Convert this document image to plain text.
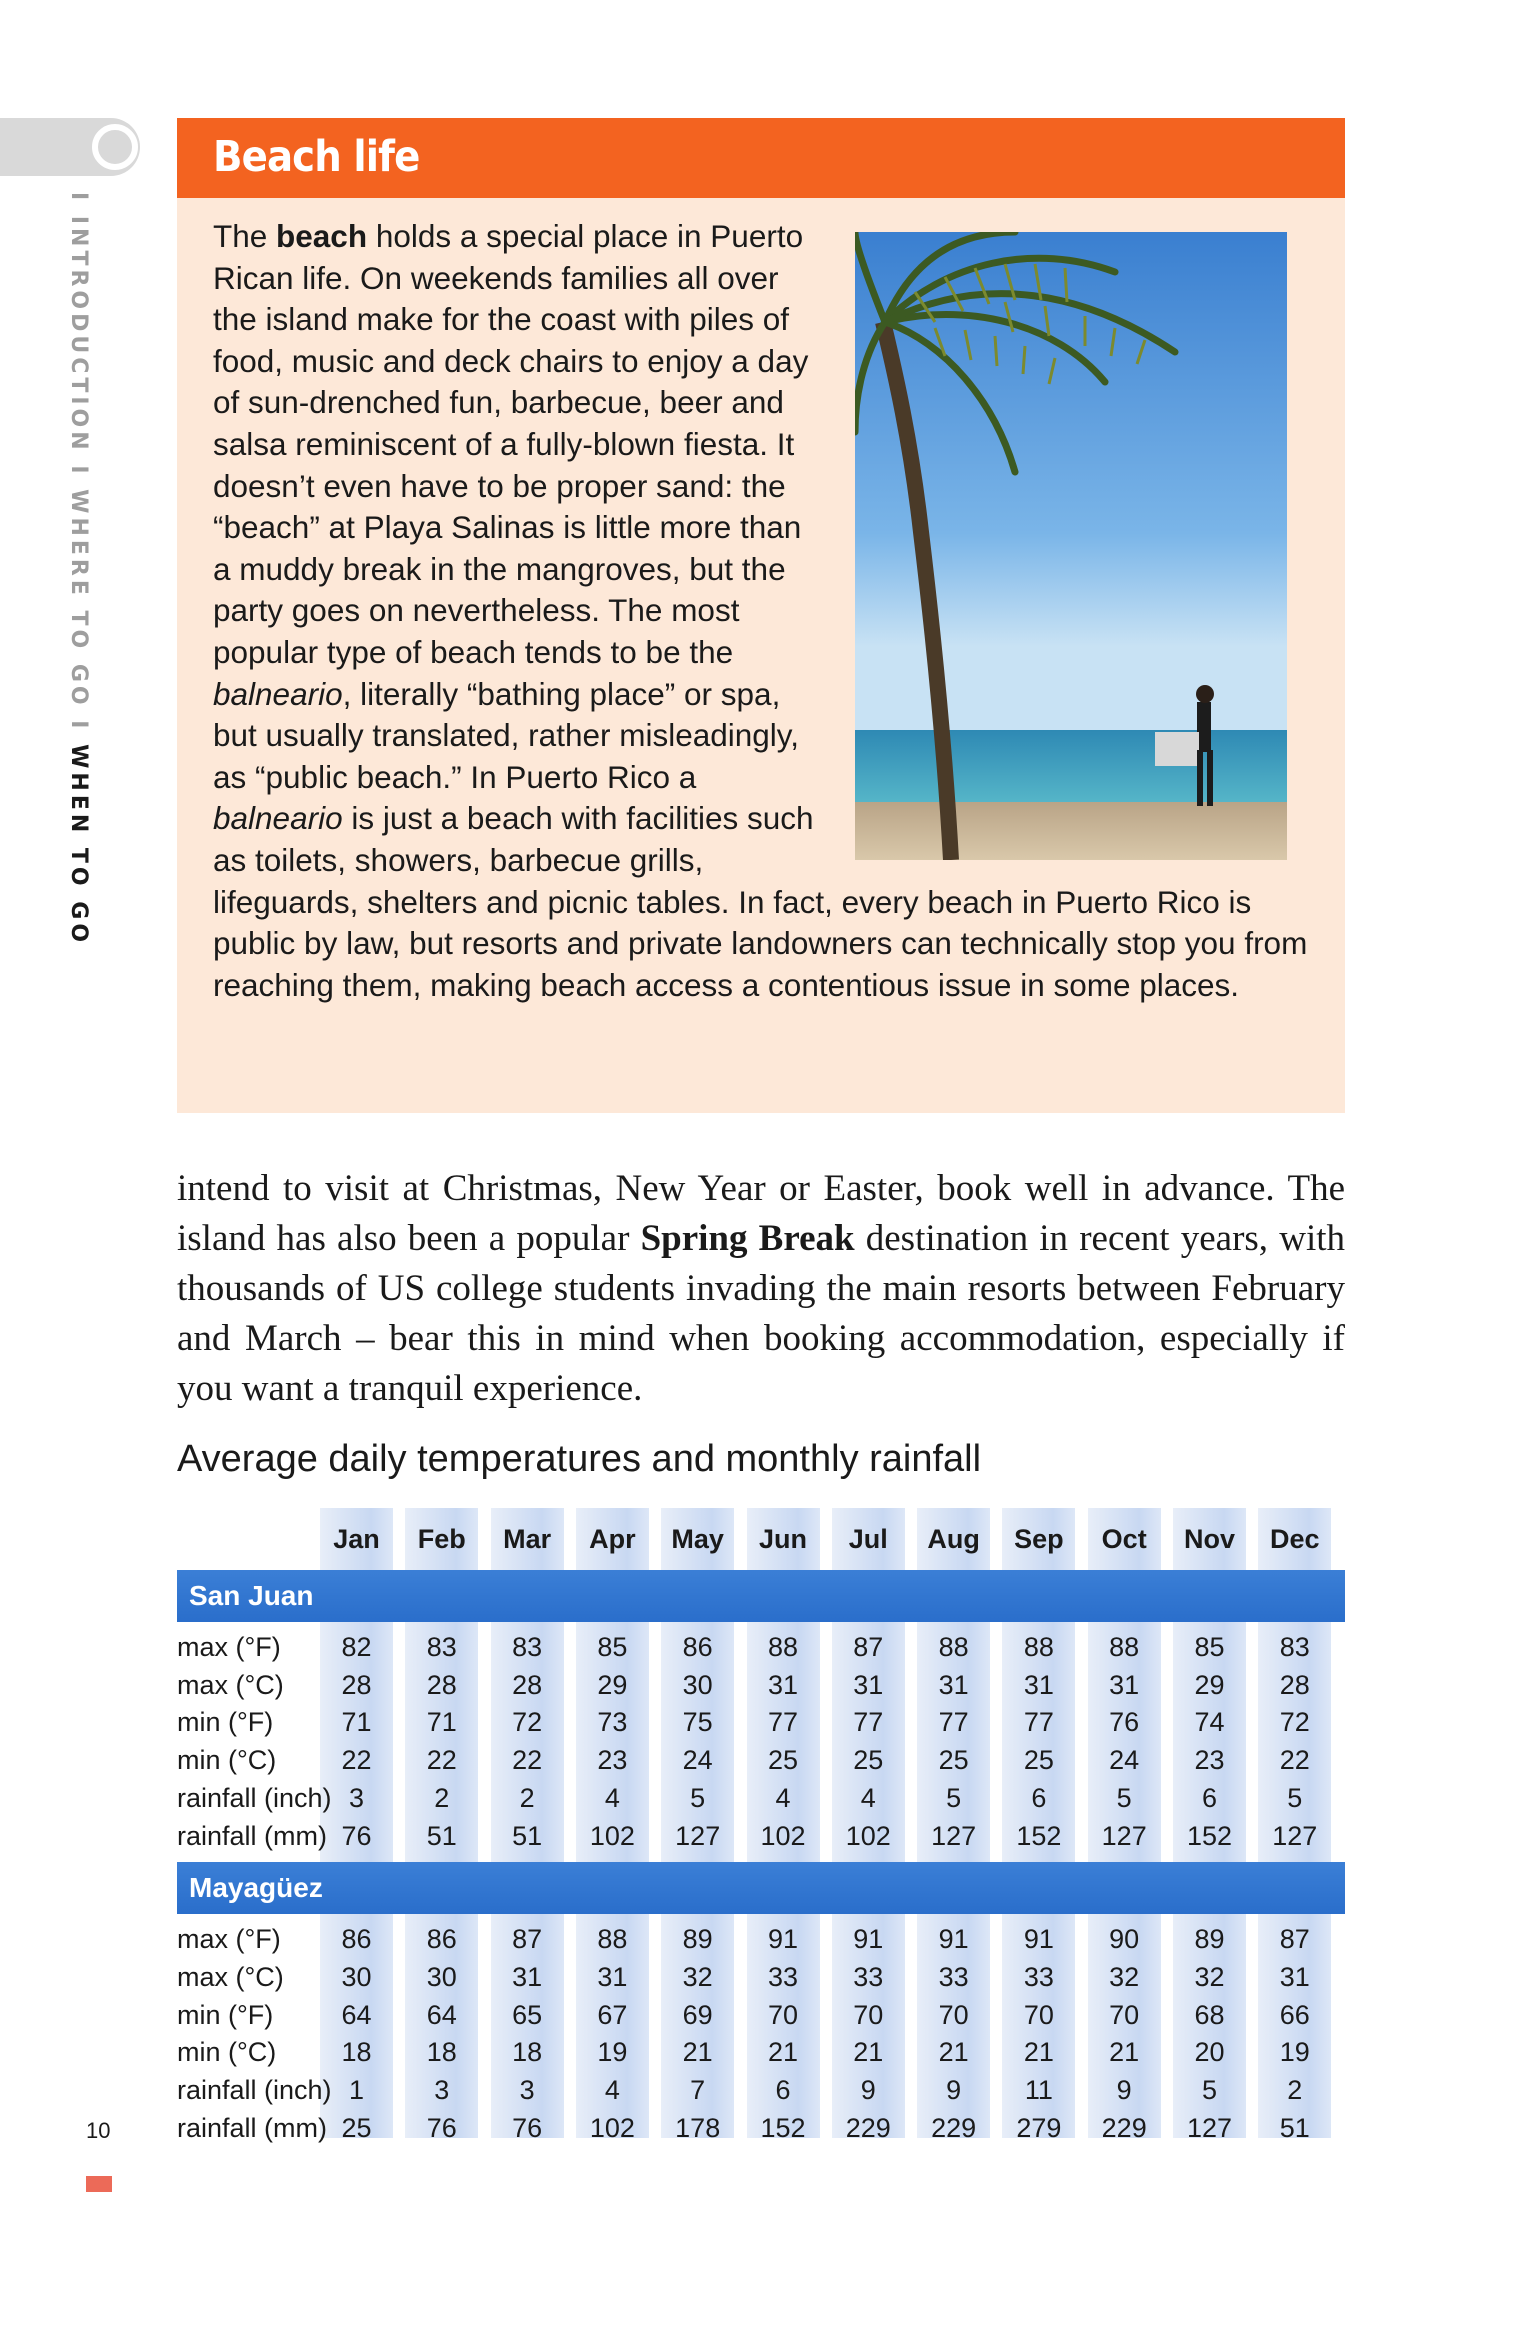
I INTRODUCTION I WHERE TO GO I WHEN TO GO
10
Beach life
The beach holds a special place in Puerto Rican life. On weekends families all over the island make for the coast with piles of food, music and deck chairs to enjoy a day of sun-drenched fun, barbecue, beer and salsa reminiscent of a fully-blown fiesta. It doesn’t even have to be proper sand: the “beach” at Playa Salinas is little more than a muddy break in the mangroves, but the party goes on nevertheless. The most popular type of beach tends to be the balneario, literally “bathing place” or spa, but usually translated, rather misleadingly, as “public beach.” In Puerto Rico a balneario is just a beach with facilities such as toilets, showers, barbecue grills, lifeguards, shelters and picnic tables. In fact, every beach in Puerto Rico is public by law, but resorts and private landowners can technically stop you from reaching them, making beach access a contentious issue in some places.
intend to visit at Christmas, New Year or Easter, book well in advance. The island has also been a popular Spring Break destination in recent years, with thousands of US college students invading the main resorts between February and March – bear this in mind when booking accommodation, especially if you want a tranquil experience.
Average daily temperatures and monthly rainfall
Jan	Feb	Mar	Apr	May	Jun	Jul	Aug	Sep	Oct	Nov	Dec
San Juan
max (°F)	82	83	83	85	86	88	87	88	88	88	85	83
max (°C)	28	28	28	29	30	31	31	31	31	31	29	28
min (°F)	71	71	72	73	75	77	77	77	77	76	74	72
min (°C)	22	22	22	23	24	25	25	25	25	24	23	22
rainfall (inch) 3	2	2	4	5	4	4	5	6	5	6	5
rainfall (mm) 76	51	51	102	127	102	102	127	152	127	152	127
Mayagüez
max (°F)	86	86	87	88	89	91	91	91	91	90	89	87
max (°C)	30	30	31	31	32	33	33	33	33	32	32	31
min (°F)	64	64	65	67	69	70	70	70	70	70	68	66
min (°C)	18	18	18	19	21	21	21	21	21	21	20	19
rainfall (inch) 1	3	3	4	7	6	9	9	11	9	5	2
rainfall (mm) 25	76	76	102	178	152	229	229	279	229	127	51
